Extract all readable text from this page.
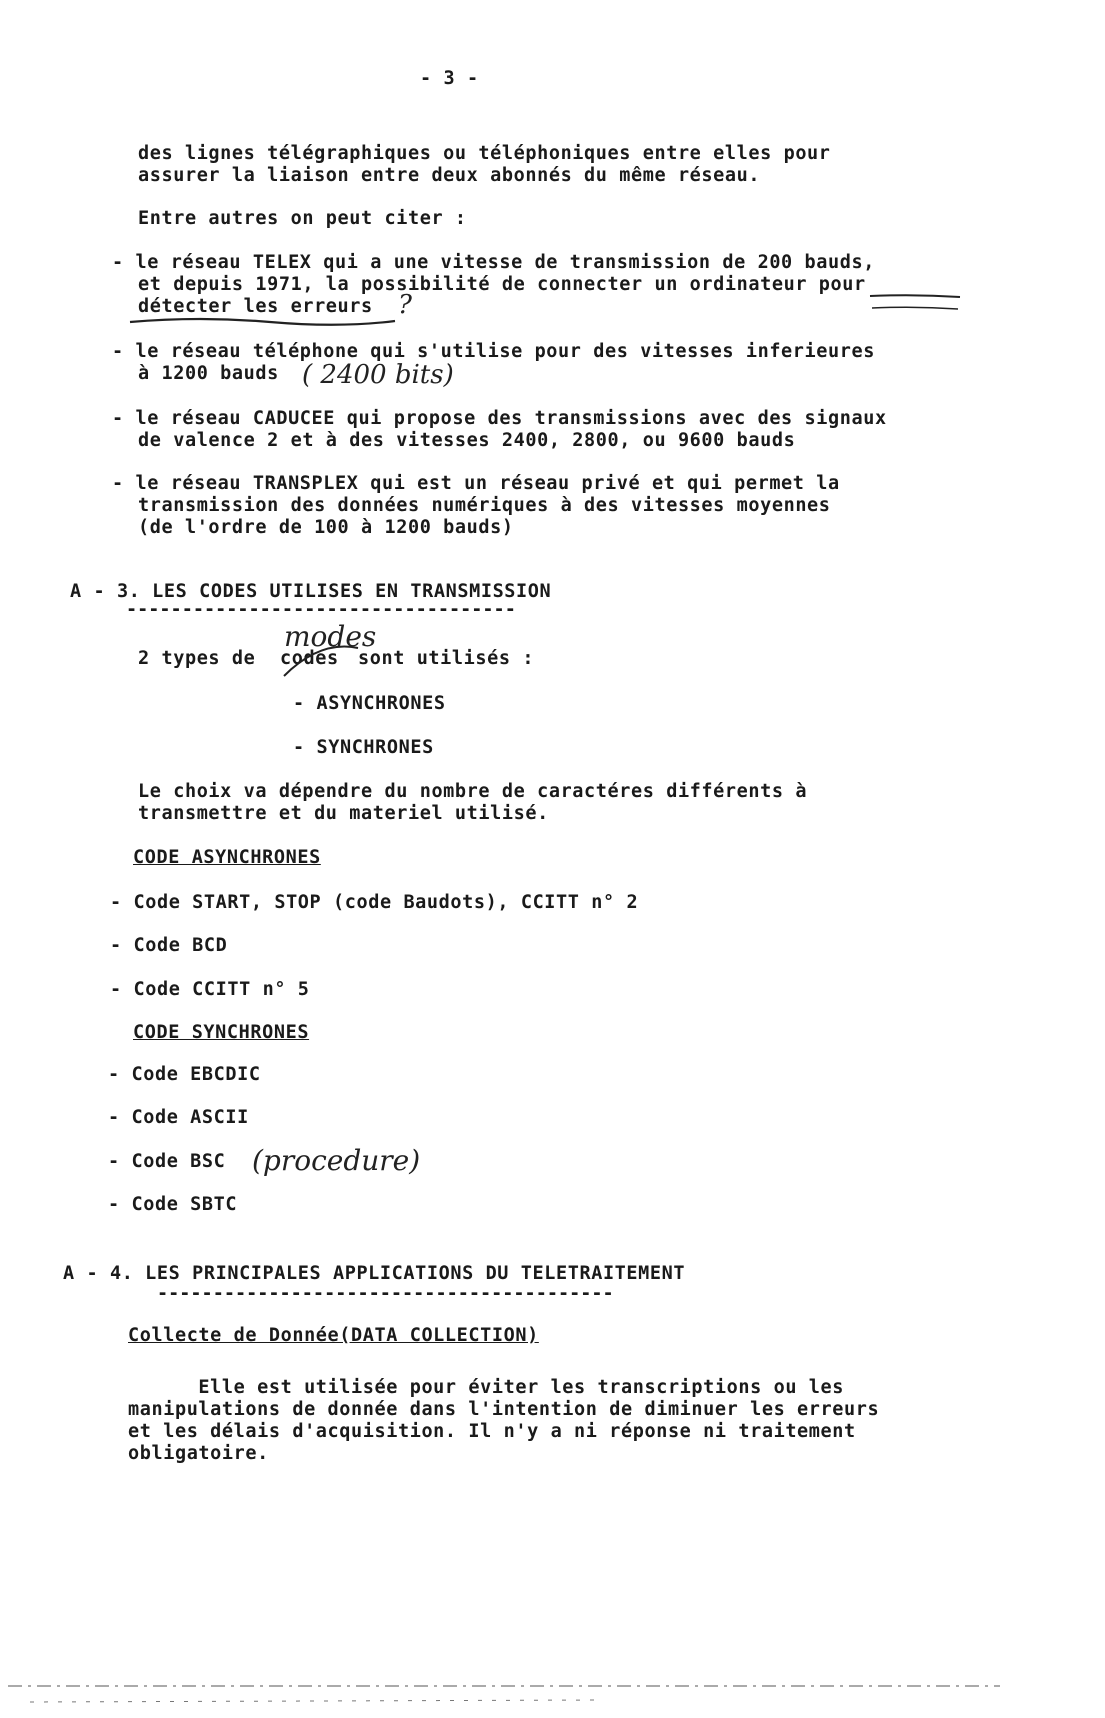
- 3 -

des lignes télégraphiques ou téléphoniques entre elles pour

assurer la liaison entre deux abonnés du même réseau.

Entre autres on peut citer :

- le réseau TELEX qui a une vitesse de transmission de 200 bauds,

et depuis 1971, la possibilité de connecter un ordinateur pour

détecter les erreurs

- le réseau téléphone qui s'utilise pour des vitesses inferieures

à 1200 bauds

- le réseau CADUCEE qui propose des transmissions avec des signaux

de valence 2 et à des vitesses 2400, 2800, ou 9600 bauds

- le réseau TRANSPLEX qui est un réseau privé et qui permet la

transmission des données numériques à des vitesses moyennes

(de l'ordre de 100 à 1200 bauds)

A - 3. LES CODES UTILISES EN TRANSMISSION

-----------------------------------

2 types de codes sont utilisés :

- ASYNCHRONES

- SYNCHRONES

Le choix va dépendre du nombre de caractéres différents à

transmettre et du materiel utilisé.

CODE ASYNCHRONES

- Code START, STOP (code Baudots), CCITT n° 2

- Code BCD

- Code CCITT n° 5

CODE SYNCHRONES

- Code EBCDIC

- Code ASCII

- Code BSC

- Code SBTC

A - 4. LES PRINCIPALES APPLICATIONS DU TELETRAITEMENT

-----------------------------------------

Collecte de Donnée(DATA COLLECTION)

Elle est utilisée pour éviter les transcriptions ou les

manipulations de donnée dans l'intention de diminuer les erreurs

et les délais d'acquisition. Il n'y a ni réponse ni traitement

obligatoire.

?
( 2400 bits)
modes
(procedure)
